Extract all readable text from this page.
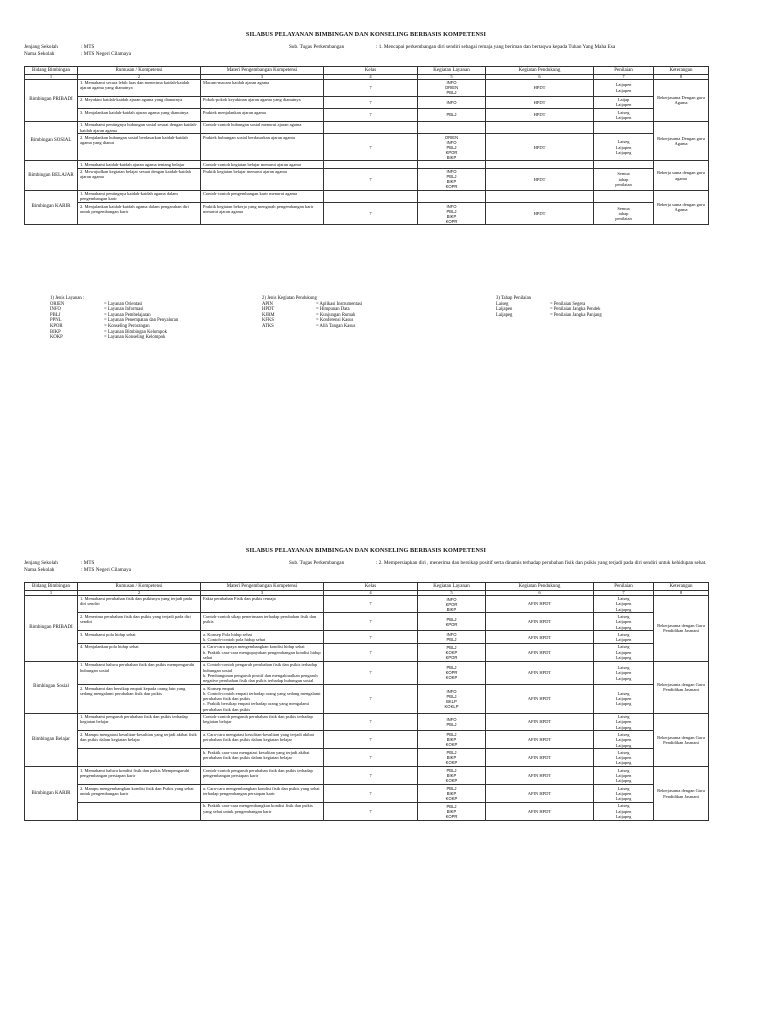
SILABUS PELAYANAN BIMBINGAN DAN KONSELING BERBASIS KOMPETENSI
Jenjang Sekolah	: MTS
Nama Sekolah	: MTS Negeri Cilamaya
Sub. Tugas Perkembangan	: 1. Mencapai perkembangan diri sendiri sebagai remaja yang beriman dan bertaqwa kepada Tuhan Yang Maha Esa
Bidang Bimbingan	Rumusan / Kompetensi	Materi Pengembangan Kompetensi	Kelas	Kegiatan Layanan	Kegiatan Pendukung	Penilaian	Keterangan
1	2	3	4	5	6	7	8
Bimbingan PRIBADI	1. Memahami secara lebih luas dan menerima kaidah-kaidah ajaran agama yang dianutnya	Macam-macam kaidah ajaran agama	7	INFO
ORIEN
PBLJ	HPDT	Laijapen
Laijapen	Bekerjasama Dengan guru Agama
	2. Meyakini kaidah-kaidah ajaran agama yang dianutnya	Pokok-pokok keyakinan ajaran agama yang dianutnya	7	INFO	HPDT	Laijap
Laijapen	

	3. Menjalankan kaidah-kaidah ajaran agama yang dianutnya	Praktek menjalankan ajaran agama	7	PBLJ	HPDT	Laiseg
Laijapen	

Bimbingan SOSIAL	1. Memahami pentingnya hubungan sosial sesuai dengan kaidah-kaidah ajaran agama	Contoh-contoh hubungan sosial menurut ajaran agama					Bekerjasama Dengan guru Agama
	2. Menjalankan hubungan sosial berdasarkan kaidah-kaidah agama yang dianut	Praktek hubungan sosial berdasarkan ajaran agama	7	ORIEN
INFO
PBLJ
KPOR
BIKP	HPDT	Laiseg
Laijapen
Laijapeg	

Bimbingan BELAJAR	1. Memahami kaidah-kaidah ajaran agama tentang belajar	Contoh-contoh kegiatan belajar menurut ajaran agama					Bekerja sama dengan guru agama
	2. Mewujudkan kegiatan belajar sesuai dengan kaidah-kaidah ajaran agama	Praktik kegiatan belajar menurut ajaran agama	7	INFO
PBLJ
BIKP
KOPR	HPDT	Semua
tahap
penilaian	

Bimbingan KARIR	1. Memahami pentingnya kaidah-kaidah agama dalam pengembangan karir	Contoh-contoh pengembangan karir menurut agama					Bekerja sama dengan guru Agama
	2. Menjalankan kaidah-kaidah agama dalam pengarahan diri untuk pengembangan karir	Praktik kegiatan bekerja yang mengarah pengembangan karir menurut ajaran agama	7	INFO
PBLJ
BIKP
KOPR	HPDT	Semua
tahap
penilaian	
1) Jenis Layanan :
ORIEN	= Layanan Orientasi
INFO	= Layanan Informasi
PBLJ	= Layanan Pembelajaran
PPNL	= Layanan Penempatan dan Penyaluran
KPOR	= Konseling Perorangan
BIKP	= Layanan Bimbingan Kelompok
KOKP	= Layanan Konseling Kelompok
2) Jenis Kegiatan Pendukung
APIN	= Aplikasi Instrumentasi
HPDT	= Himpunan Data
KJRM	= Kunjungan Rumah
KFKS	= Konferensi Kasus
ATKS	= Alih Tangan Kasus
3) Tahap Penilaian
Laiseg	= Penilaian Segera
Laijapen	= Penilaian Jangka Pendek
Laijapeg	= Penilaian Jangka Panjang
SILABUS PELAYANAN BIMBINGAN DAN KONSELING BERBASIS KOMPETENSI
Jenjang Sekolah	: MTS
Nama Sekolah	: MTS Negeri Cilamaya
Sub. Tugas Perkembangan	: 2. Mempersiapkan diri , menerima dan bersikap positif serta dinamis terhadap perubahan fisik dan psikis yang terjadi pada diri sendiri untuk kehidupan sehat.
Bidang Bimbingan	Rumusan / Kompetensi	Materi Pengembangan Kompetensi	Kelas	Kegiatan Layanan	Kegiatan Pendukung	Penilaian	Keterangan
1	2	3	4	5	6	7	8
Bimbingan PRIBADI	1. Memahami perubahan fisik dan psikisnya yang terjadi pada diri sendiri	Fakta perubahan Fisik dan psikis remaja	7	INFO
KPOR
BIKP	APIN HPDT	Laiseg
Laijapen
Laijapeg	Bekerjasama dengan Guru Pendidikan Jasmani
	2. Menerima perubahan fisik dan psikis yang terjadi pada diri sendiri	Contoh-contoh sikap penerimaan terhadap perubahan fisik dan psikis	7	PBLJ
KPOR	APIN HPDT	Laiseg
Laijapen
Laijapeg	

	3. Memahami pola hidup sehat	a. Konsep Pola hidup sehat
b. Contoh-contoh pola hidup sehat	7	INFO
PBLJ	APIN HPDT	Laiseg
Laijapen	

	4. Menjalankan pola hidup sehat	a. Cara-cara upaya mengembangkan kondisi hidup sehat
b. Praktik cara-cara mengupayakan pengembangan kondisi hidup sehat	7	PBLJ
KOKP
KPOR	APIN HPDT	Laiseg
Laijapen
Laijapeg	

Bimbingan Sosial	1. Memahami bahwa perubahan fisik dan psikis mempengaruhi hubungan sosial	a. Contoh-contoh pengaruh perubahan fisik dan psikis terhadap hubungan sosial
b. Pembangunan pengaruh positif dan mengaktualkan pengaruh negative perubahan fisik dan psikis terhadap hubungan sosial	7	PBLJ
KOPR
KOKP	APIN HPDT	Laiseg
Laijapen
Laijapeg	Bekerjasama dengan Guru Pendidikan Jasmani
	2. Memahami dan bersikap empati kepada orang lain yang sedang mengalami perubahan fisik dan psikis	a. Konsep empati
b. Contoh-contoh empati terhadap orang yang sedang mengalami perubahan fisik dan psikis
c. Praktik bersikap empati terhadap orang yang mengalami perubahan fisik dan psikis	7	INFO
PBLJ
BKLP
KOKLP	APIN HPDT	Laiseg
Laijapen
Laijapeg	

Bimbingan Belajar	1. Memahami pengaruh perubahan fisik dan psikis terhadap kegiatan belajar	Contoh-contoh pengaruh perubahan fisik dan psikis terhadap kegiatan belajar	7	INFO
PBLJ	APIN HPDT	Laiseg
Laijapen
Laijapeg	Bekerjasama dengan Guru Pendidikan Jasmani
	2. Mampu mengatasi kesulitan-kesulitan yang terjadi akibat fisik dan psikis dalam kegiatan belajar	a. Cara-cara mengatasi kesulitan-kesulitan yang terjadi akibat perubahan fisik dan psikis dalam kegiatan belajar	7	PBLJ
BIKP
KOKP	APIN HPDT	Laiseg
Laijapen
Laijapeg	

		b. Praktik cara-cara mengatasi kesulitan yang terjadi akibat perubahan fisik dan psikis dalam kegiatan belajar	7	PBLJ
BIKP
KOKP	APIN HPDT	Laiseg
Laijapen
Laijapeg	

Bimbingan KARIR	1. Memahami bahwa kondisi fisik dan psikis Mempengaruhi pengembangan persiapan karir	Contoh-contoh pengaruh perubahan fisik dan psikis terhadap pengembangan persiapan karir	7	PBLJ
BIKP
KOKP	APIN HPDT	Laiseg
Laijapen
Laijapeg	Bekerjasama dengan Guru Pendidikan Jasmani
	2. Mampu mengembangkan kondisi fisik dan Psikis yang sehat untuk pengembangan karir	a. Cara-cara mengembangkan kondisi fisik dan psikis yang sehat terhadap pengembangan persiapan karir	7	PBLJ
BIKP
KOKP	APIN HPDT	Laiseg
Laijapen
Laijapeg	

		b. Praktik cara-cara mengembangkan kondisi fisik dan psikis yang sehat untuk pengembangan karir	7	PBLJ
BIKP
KOPR	APIN HPDT	Laiseg
Laijapen
Laijapeg	
